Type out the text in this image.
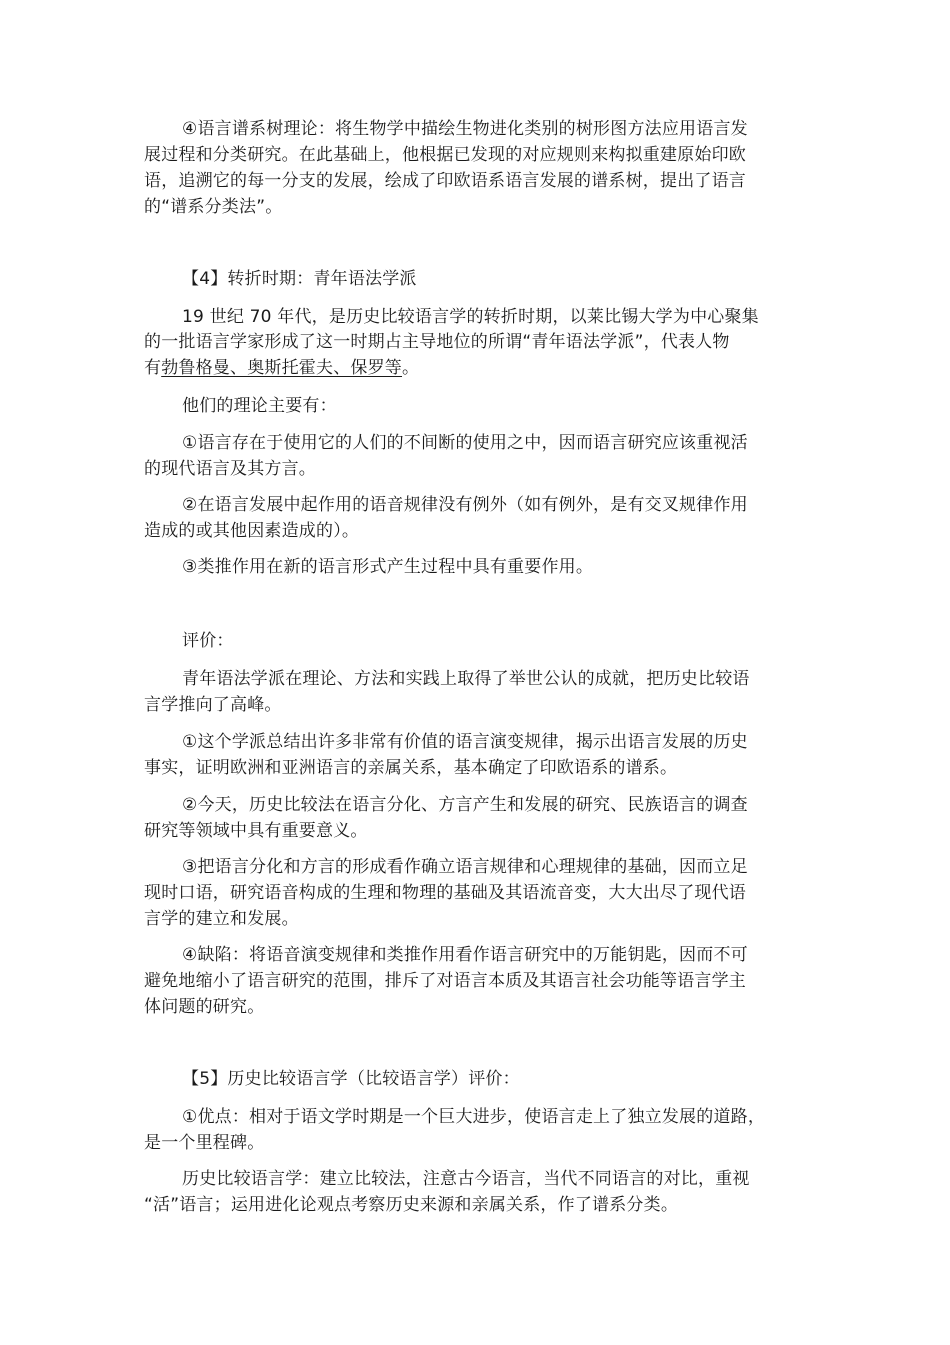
④语言谱系树理论：将生物学中描绘生物进化类别的树形图方法应用语言发
展过程和分类研究。在此基础上，他根据已发现的对应规则来构拟重建原始印欧
语，追溯它的每一分支的发展，绘成了印欧语系语言发展的谱系树，提出了语言
的“谱系分类法”。
【4】转折时期：青年语法学派
19 世纪 70 年代，是历史比较语言学的转折时期，以莱比锡大学为中心聚集
的一批语言学家形成了这一时期占主导地位的所谓“青年语法学派”，代表人物
有勃鲁格曼、奥斯托霍夫、保罗等。
他们的理论主要有：
①语言存在于使用它的人们的不间断的使用之中，因而语言研究应该重视活
的现代语言及其方言。
②在语言发展中起作用的语音规律没有例外（如有例外，是有交叉规律作用
造成的或其他因素造成的）。
③类推作用在新的语言形式产生过程中具有重要作用。
评价：
青年语法学派在理论、方法和实践上取得了举世公认的成就，把历史比较语
言学推向了高峰。
①这个学派总结出许多非常有价值的语言演变规律，揭示出语言发展的历史
事实，证明欧洲和亚洲语言的亲属关系，基本确定了印欧语系的谱系。
②今天，历史比较法在语言分化、方言产生和发展的研究、民族语言的调查
研究等领域中具有重要意义。
③把语言分化和方言的形成看作确立语言规律和心理规律的基础，因而立足
现时口语，研究语音构成的生理和物理的基础及其语流音变，大大出尽了现代语
言学的建立和发展。
④缺陷：将语音演变规律和类推作用看作语言研究中的万能钥匙，因而不可
避免地缩小了语言研究的范围，排斥了对语言本质及其语言社会功能等语言学主
体问题的研究。
【5】历史比较语言学（比较语言学）评价：
①优点：相对于语文学时期是一个巨大进步，使语言走上了独立发展的道路，
是一个里程碑。
历史比较语言学：建立比较法，注意古今语言，当代不同语言的对比，重视
“活”语言；运用进化论观点考察历史来源和亲属关系，作了谱系分类。
